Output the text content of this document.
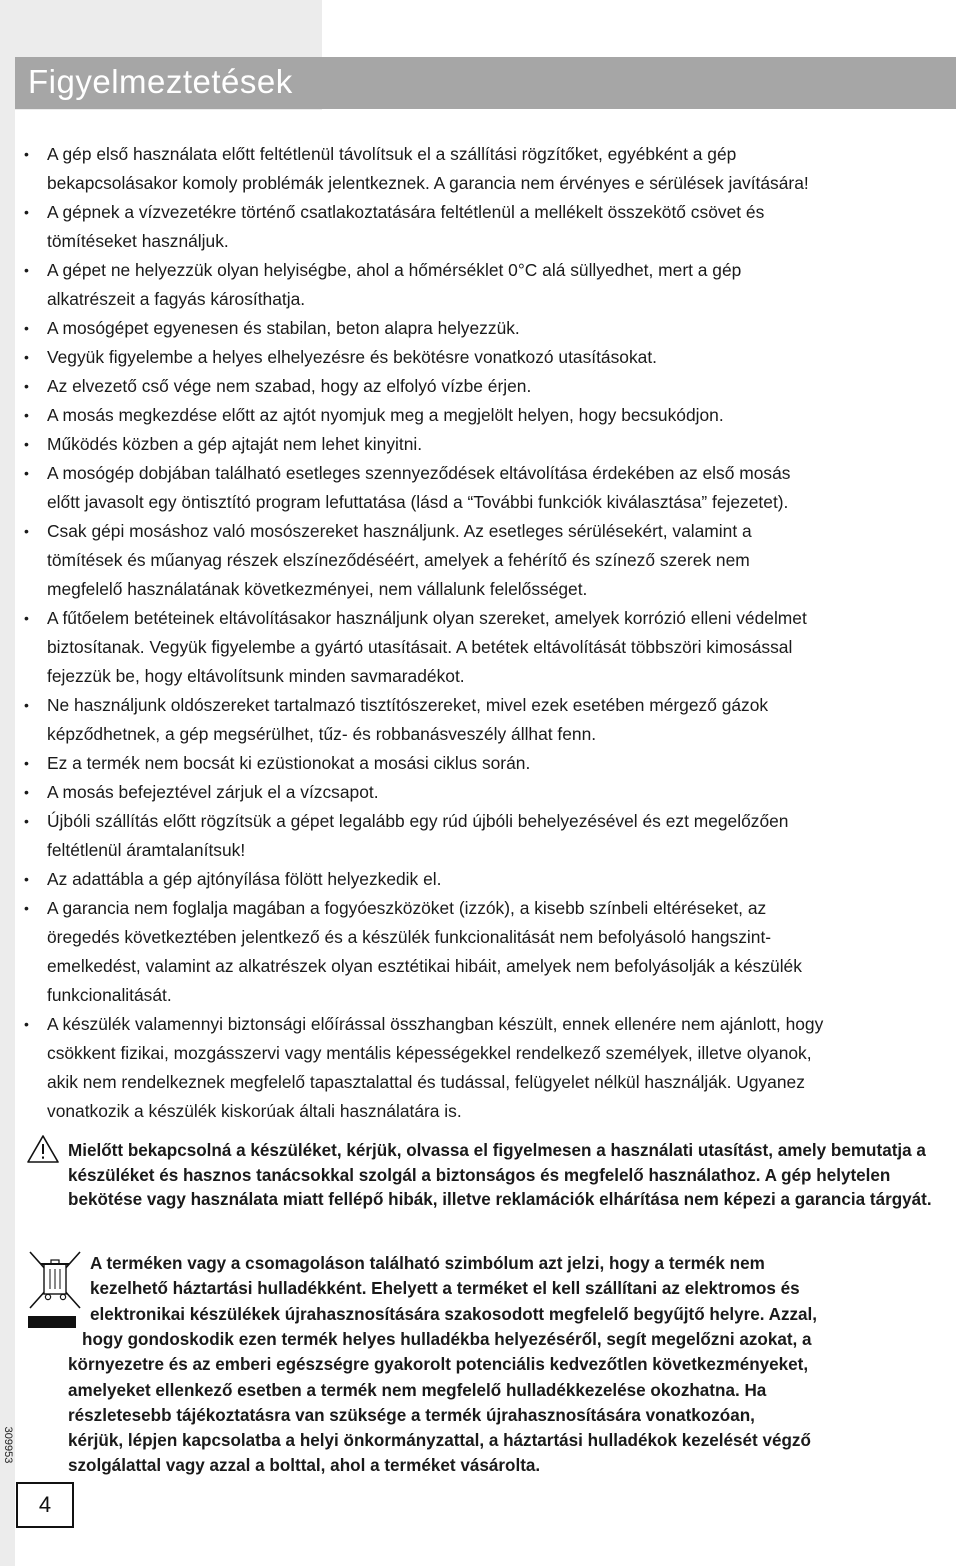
Figyelmeztetések
• A gép első használata előtt feltétlenül távolítsuk el a szállítási rögzítőket, egyébként a gép
bekapcsolásakor komoly problémák jelentkeznek. A garancia nem érvényes e sérülések javítására!
• A gépnek a vízvezetékre történő csatlakoztatására feltétlenül a mellékelt összekötő csövet és
tömítéseket használjuk.
• A gépet ne helyezzük olyan helyiségbe, ahol a hőmérséklet 0°C alá süllyedhet, mert a gép
alkatrészeit a fagyás károsíthatja.
• A mosógépet egyenesen és stabilan, beton alapra helyezzük.
• Vegyük figyelembe a helyes elhelyezésre és bekötésre vonatkozó utasításokat.
• Az elvezető cső vége nem szabad, hogy az elfolyó vízbe érjen.
• A mosás megkezdése előtt az ajtót nyomjuk meg a megjelölt helyen, hogy becsukódjon.
• Működés közben a gép ajtaját nem lehet kinyitni.
• A mosógép dobjában található esetleges szennyeződések eltávolítása érdekében az első mosás
előtt javasolt egy öntisztító program lefuttatása (lásd a “További funkciók kiválasztása” fejezetet).
• Csak gépi mosáshoz való mosószereket használjunk. Az esetleges sérülésekért, valamint a
tömítések és műanyag részek elszíneződéséért, amelyek a fehérítő és színező szerek nem
megfelelő használatának következményei, nem vállalunk felelősséget.
• A fűtőelem betéteinek eltávolításakor használjunk olyan szereket, amelyek korrózió elleni védelmet
biztosítanak. Vegyük figyelembe a gyártó utasításait. A betétek eltávolítását többszöri kimosással
fejezzük be, hogy eltávolítsunk minden savmaradékot.
• Ne használjunk oldószereket tartalmazó tisztítószereket, mivel ezek esetében mérgező gázok
képződhetnek, a gép megsérülhet, tűz- és robbanásveszély állhat fenn.
• Ez a termék nem bocsát ki ezüstionokat a mosási ciklus során.
• A mosás befejeztével zárjuk el a vízcsapot.
• Újbóli szállítás előtt rögzítsük a gépet legalább egy rúd újbóli behelyezésével és ezt megelőzően
feltétlenül áramtalanítsuk!
• Az adattábla a gép ajtónyílása fölött helyezkedik el.
• A garancia nem foglalja magában a fogyóeszközöket (izzók), a kisebb színbeli eltéréseket, az
öregedés következtében jelentkező és a készülék funkcionalitását nem befolyásoló hangszint-
emelkedést, valamint az alkatrészek olyan esztétikai hibáit, amelyek nem befolyásolják a készülék
funkcionalitását.
• A készülék valamennyi biztonsági előírással összhangban készült, ennek ellenére nem ajánlott, hogy
csökkent fizikai, mozgásszervi vagy mentális képességekkel rendelkező személyek, illetve olyanok,
akik nem rendelkeznek megfelelő tapasztalattal és tudással, felügyelet nélkül használják. Ugyanez
vonatkozik a készülék kiskorúak általi használatára is.

Mielőtt bekapcsolná a készüléket, kérjük, olvassa el figyelmesen a használati utasítást, amely bemutatja a készüléket és hasznos tanácsokkal szolgál a biztonságos és megfelelő használathoz. A gép helytelen bekötése vagy használata miatt fellépő hibák, illetve reklamációk elhárítása nem képezi a garancia tárgyát.

A terméken vagy a csomagoláson található szimbólum azt jelzi, hogy a termék nem
kezelhető háztartási hulladékként. Ehelyett a terméket el kell szállítani az elektromos és
elektronikai készülékek újrahasznosítására szakosodott megfelelő begyűjtő helyre. Azzal,
hogy gondoskodik ezen termék helyes hulladékba helyezéséről, segít megelőzni azokat, a
környezetre és az emberi egészségre gyakorolt potenciális kedvezőtlen következményeket,
amelyeket ellenkező esetben a termék nem megfelelő hulladékkezelése okozhatna. Ha
részletesebb tájékoztatásra van szüksége a termék újrahasznosítására vonatkozóan,
kérjük, lépjen kapcsolatba a helyi önkormányzattal, a háztartási hulladékok kezelését végző
szolgálattal vagy azzal a bolttal, ahol a terméket vásárolta.
309953
4
